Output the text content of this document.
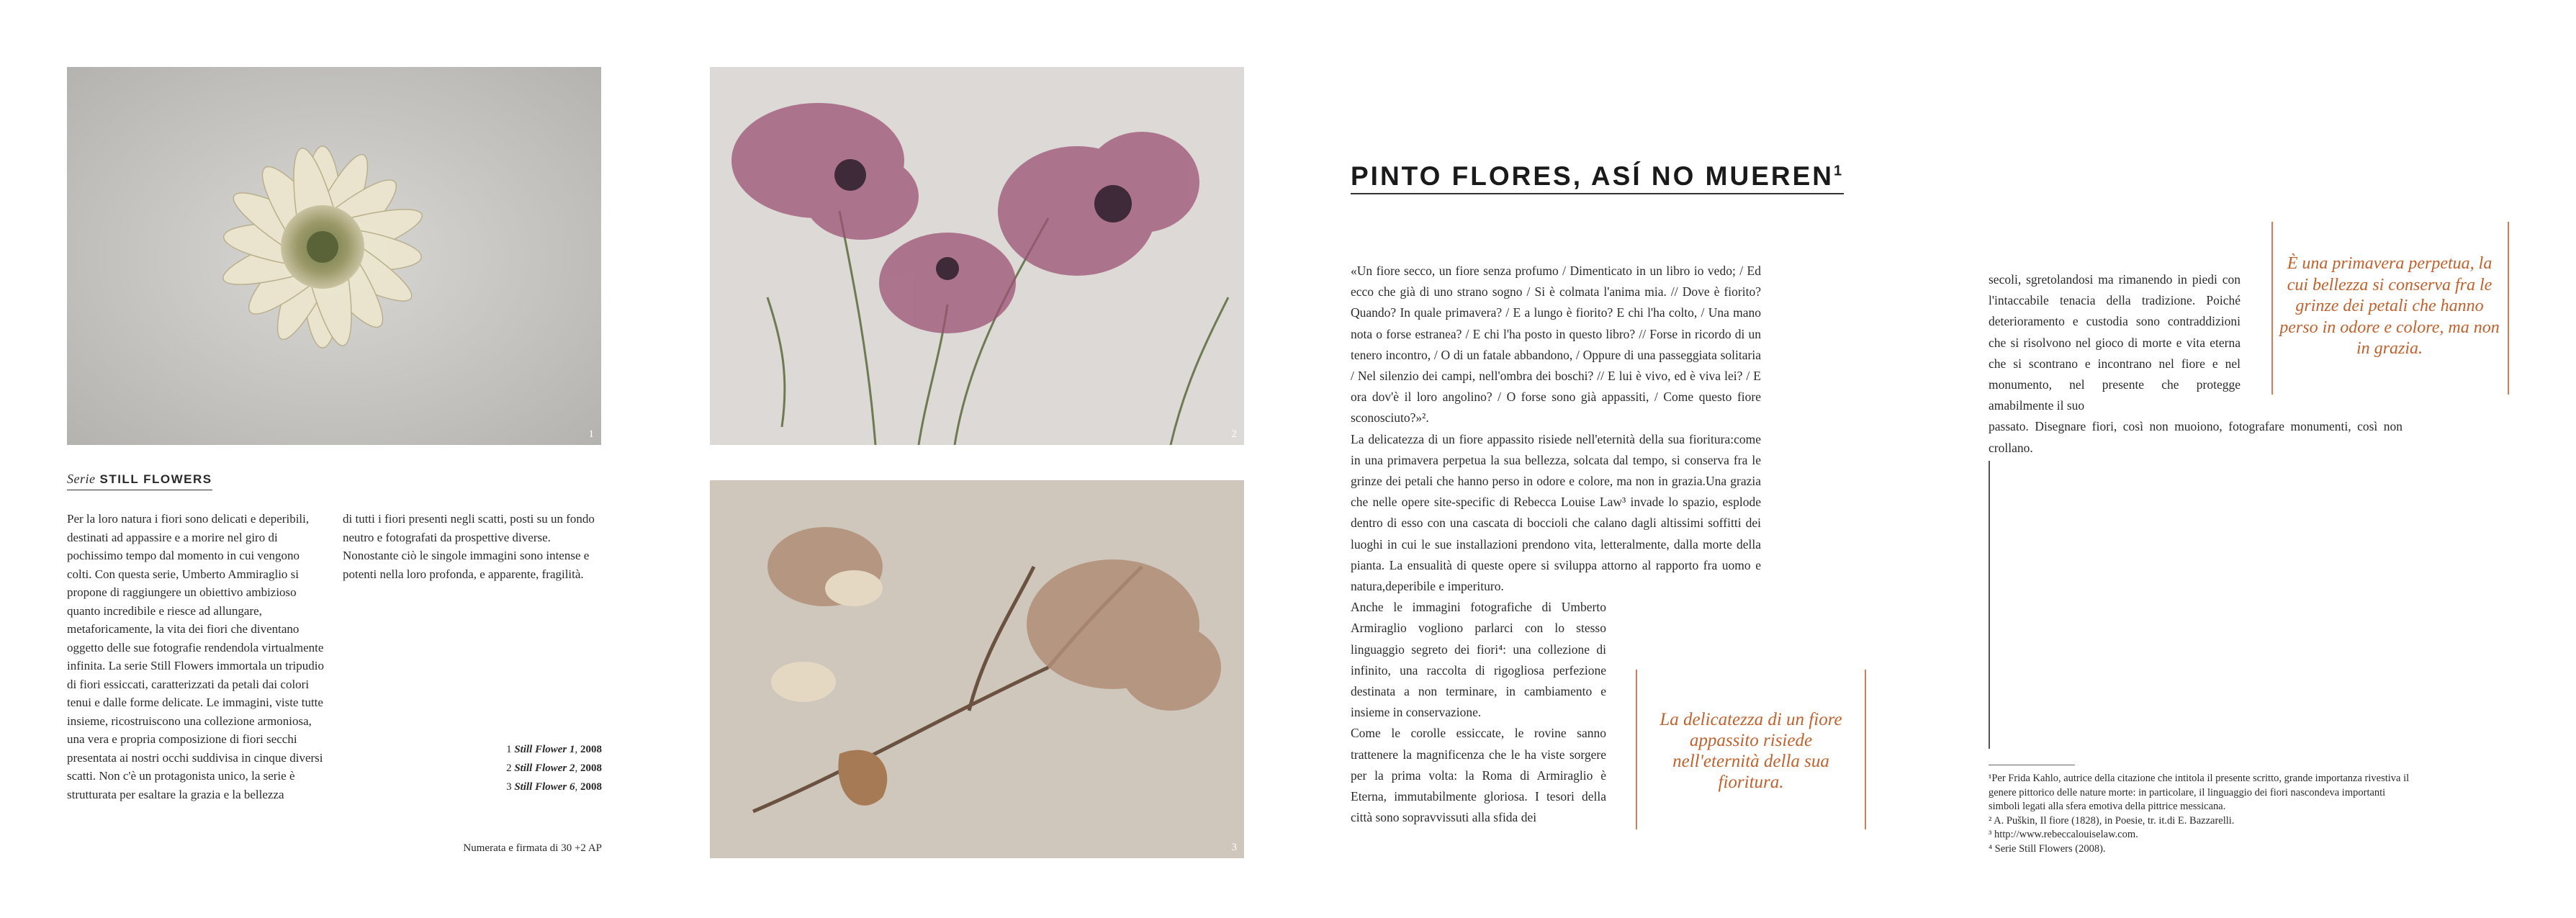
1	2
3
Serie STILL FLOWERS

Per la loro natura i fiori sono delicati e deperibili, destinati ad appassire e a morire nel giro di pochissimo tempo dal momento in cui vengono colti. Con questa serie, Umberto Ammiraglio si propone di raggiungere un obiettivo ambizioso quanto incredibile e riesce ad allungare, metaforicamente, la vita dei fiori che diventano oggetto delle sue fotografie rendendola virtualmente infinita. La serie Still Flowers immortala un tripudio di fiori essiccati, caratterizzati da petali dai colori tenui e dalle forme delicate. Le immagini, viste tutte insieme, ricostruiscono una collezione armoniosa, una vera e propria composizione di fiori secchi presentata ai nostri occhi suddivisa in cinque diversi scatti. Non c'è un protagonista unico, la serie è strutturata per esaltare la grazia e la bellezza

di tutti i fiori presenti negli scatti, posti su un fondo neutro e fotografati da prospettive diverse. Nonostante ciò le singole immagini sono intense e potenti nella loro profonda, e apparente, fragilità.

1 Still Flower 1, 2008
2 Still Flower 2, 2008
3 Still Flower 6, 2008
Numerata e firmata di 30 +2 AP
PINTO FLORES, ASÍ NO MUEREN$^1$

«Un fiore secco, un fiore senza profumo / Dimenticato in un libro io vedo; / Ed ecco che già di uno strano sogno / Si è colmata l'anima mia. // Dove è fiorito?Quando? In quale primavera? / E a lungo è fiorito? E chi l'ha colto, / Una mano nota o forse estranea? / E chi l'ha posto in questo libro? // Forse in ricordo di un tenero incontro, / O di un fatale abbandono, / Oppure di una passeggiata solitaria / Nel silenzio dei campi, nell'ombra dei boschi? // E lui è vivo, ed è viva lei? / E ora dov'è il loro angolino? / O forse sono già appassiti, / Come questo fiore sconosciuto?»².

La delicatezza di un fiore appassito risiede nell'eternità della sua fioritura:come in una primavera perpetua la sua bellezza, solcata dal tempo, si conserva fra le grinze dei petali che hanno perso in odore e colore, ma non in grazia.Una grazia che nelle opere site-specific di Rebecca Louise Law³ invade lo spazio, esplode dentro di esso con una cascata di boccioli che calano dagli altissimi soffitti dei luoghi in cui le sue installazioni prendono vita, letteralmente, dalla morte della pianta. La ensualità di queste opere si sviluppa attorno al rapporto fra uomo e natura,deperibile e imperituro.

Anche le immagini fotografiche di Umberto Armiraglio vogliono parlarci con lo stesso linguaggio segreto dei fiori⁴: una collezione di infinito, una raccolta di rigogliosa perfezione destinata a non terminare, in cambiamento e insieme in conservazione.

Come le corolle essiccate, le rovine sanno trattenere la magnificenza che le ha viste sorgere per la prima volta: la Roma di Armiraglio è Eterna, immutabilmente gloriosa. I tesori della città sono sopravvissuti alla sfida dei

La delicatezza di un fiore appassito risiede nell'eternità della sua fioritura.
È una primavera perpetua, la cui bellezza si conserva fra le grinze dei petali che hanno perso in odore e colore, ma non in grazia.

secoli, sgretolandosi ma rimanendo in piedi con l'intaccabile tenacia della tradizione. Poiché deterioramento e custodia sono contraddizioni che si risolvono nel gioco di morte e vita eterna che si scontrano e incontrano nel fiore e nel monumento, nel presente che protegge amabilmente il suo

passato. Disegnare fiori, così non muoiono, fotografare monumenti, così non crollano.

¹Per Frida Kahlo, autrice della citazione che intitola il presente scritto, grande importanza rivestiva il genere pittorico delle nature morte: in particolare, il linguaggio dei fiori nascondeva importanti simboli legati alla sfera emotiva della pittrice messicana.
² A. Puškin, Il fiore (1828), in Poesie, tr. it.di E. Bazzarelli.
³ http://www.rebeccalouiselaw.com.
⁴ Serie Still Flowers (2008).
